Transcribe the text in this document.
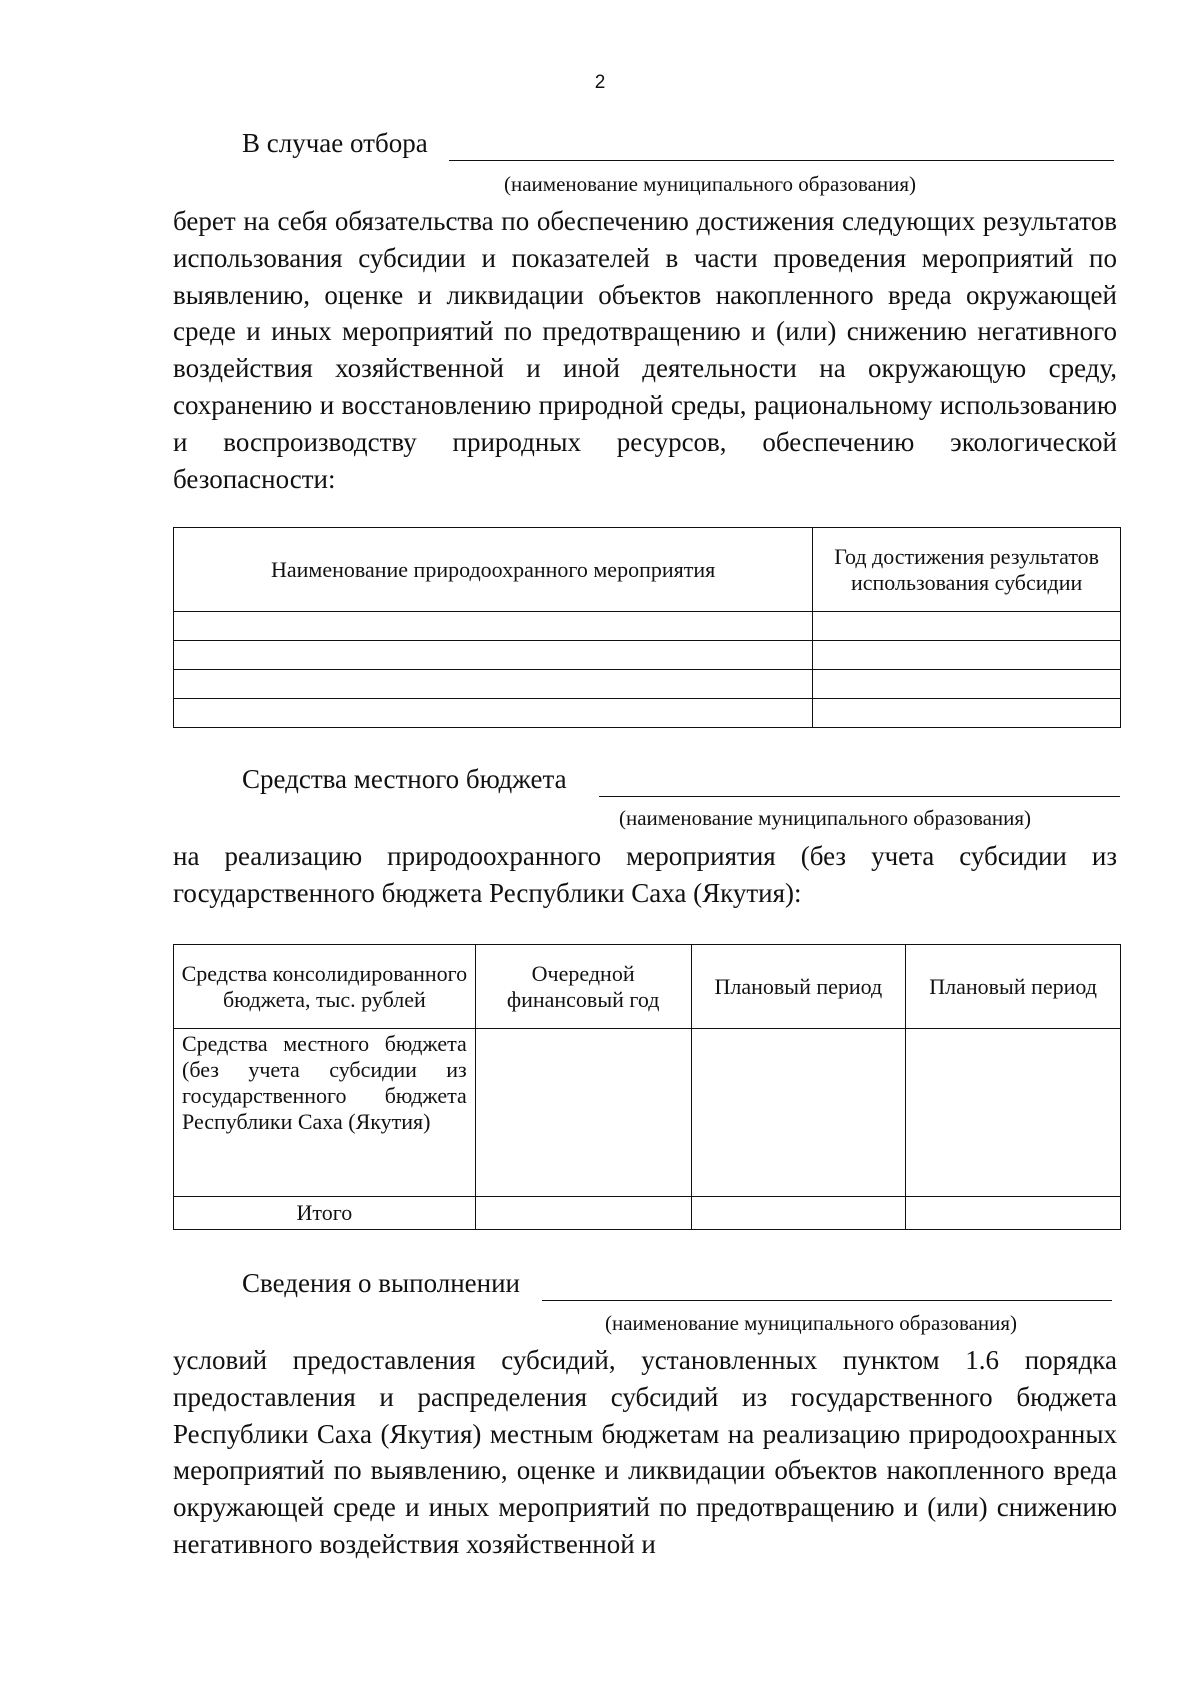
2
В случае отбора
(наименование муниципального образования)

берет на себя обязательства по обеспечению достижения следующих результатов использования субсидии и показателей в части проведения мероприятий по выявлению, оценке и ликвидации объектов накопленного вреда окружающей среде и иных мероприятий по предотвращению и (или) снижению негативного воздействия хозяйственной и иной деятельности на окружающую среду, сохранению и восстановлению природной среды, рациональному использованию и воспроизводству природных ресурсов, обеспечению экологической безопасности:

Наименование природоохранного мероприятия	Год достижения результатов использования субсидии

Средства местного бюджета
(наименование муниципального образования)

на реализацию природоохранного мероприятия (без учета субсидии из государственного бюджета Республики Саха (Якутия):

Средства консолидированного бюджета, тыс. рублей	Очередной финансовый год	Плановый период	Плановый период
Средства местного бюджета (без учета субсидии из государственного бюджета Республики Саха (Якутия)			
Итого			
Сведения о выполнении
(наименование муниципального образования)

условий предоставления субсидий, установленных пунктом 1.6 порядка предоставления и распределения субсидий из государственного бюджета Республики Саха (Якутия) местным бюджетам на реализацию природоохранных мероприятий по выявлению, оценке и ликвидации объектов накопленного вреда окружающей среде и иных мероприятий по предотвращению и (или) снижению негативного воздействия хозяйственной и
